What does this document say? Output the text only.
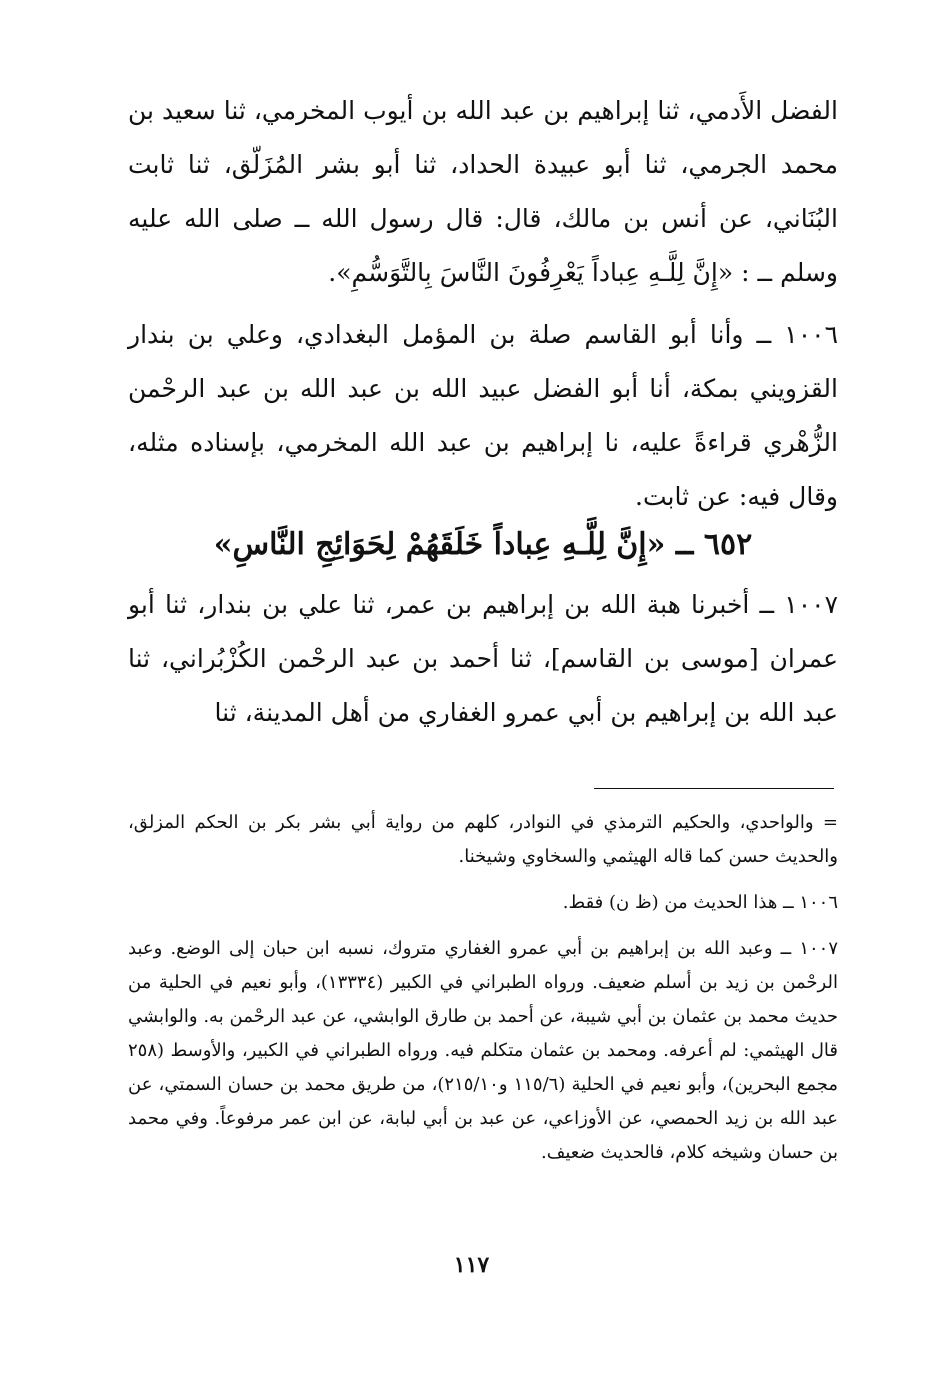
الفضل الأَدمي، ثنا إبراهيم بن عبد الله بن أيوب المخرمي، ثنا سعيد بن محمد الجرمي، ثنا أبو عبيدة الحداد، ثنا أبو بشر المُزَلّق، ثنا ثابت البُنَاني، عن أنس بن مالك، قال: قال رسول الله ــ صلى الله عليه وسلم ــ : «إِنَّ لِلَّـهِ عِباداً يَعْرِفُونَ النَّاسَ بِالتَّوَسُّمِ».

١٠٠٦ ــ وأنا أبو القاسم صلة بن المؤمل البغدادي، وعلي بن بندار القزويني بمكة، أنا أبو الفضل عبيد الله بن عبد الله بن عبد الرحْمن الزُّهْري قراءةً عليه، نا إبراهيم بن عبد الله المخرمي، بإسناده مثله، وقال فيه: عن ثابت.

٦٥٢ ــ «إِنَّ لِلَّـهِ عِباداً خَلَقَهُمْ لِحَوَائِجِ النَّاسِ»

١٠٠٧ ــ أخبرنا هبة الله بن إبراهيم بن عمر، ثنا علي بن بندار، ثنا أبو عمران [موسى بن القاسم]، ثنا أحمد بن عبد الرحْمن الكُزْبُراني، ثنا عبد الله بن إبراهيم بن أبي عمرو الغفاري من أهل المدينة، ثنا

= والواحدي، والحكيم الترمذي في النوادر، كلهم من رواية أبي بشر بكر بن الحكم المزلق، والحديث حسن كما قاله الهيثمي والسخاوي وشيخنا.

١٠٠٦ ــ هذا الحديث من (ظ ن) فقط.

١٠٠٧ ــ وعبد الله بن إبراهيم بن أبي عمرو الغفاري متروك، نسبه ابن حبان إلى الوضع. وعبد الرحْمن بن زيد بن أسلم ضعيف. ورواه الطبراني في الكبير (١٣٣٣٤)، وأبو نعيم في الحلية من حديث محمد بن عثمان بن أبي شيبة، عن أحمد بن طارق الوابشي، عن عبد الرحْمن به. والوابشي قال الهيثمي: لم أعرفه. ومحمد بن عثمان متكلم فيه. ورواه الطبراني في الكبير، والأوسط (٢٥٨ مجمع البحرين)، وأبو نعيم في الحلية (١١٥/٦ و٢١٥/١٠)، من طريق محمد بن حسان السمتي، عن عبد الله بن زيد الحمصي، عن الأوزاعي، عن عبد بن أبي لبابة، عن ابن عمر مرفوعاً. وفي محمد بن حسان وشيخه كلام، فالحديث ضعيف.

١١٧
